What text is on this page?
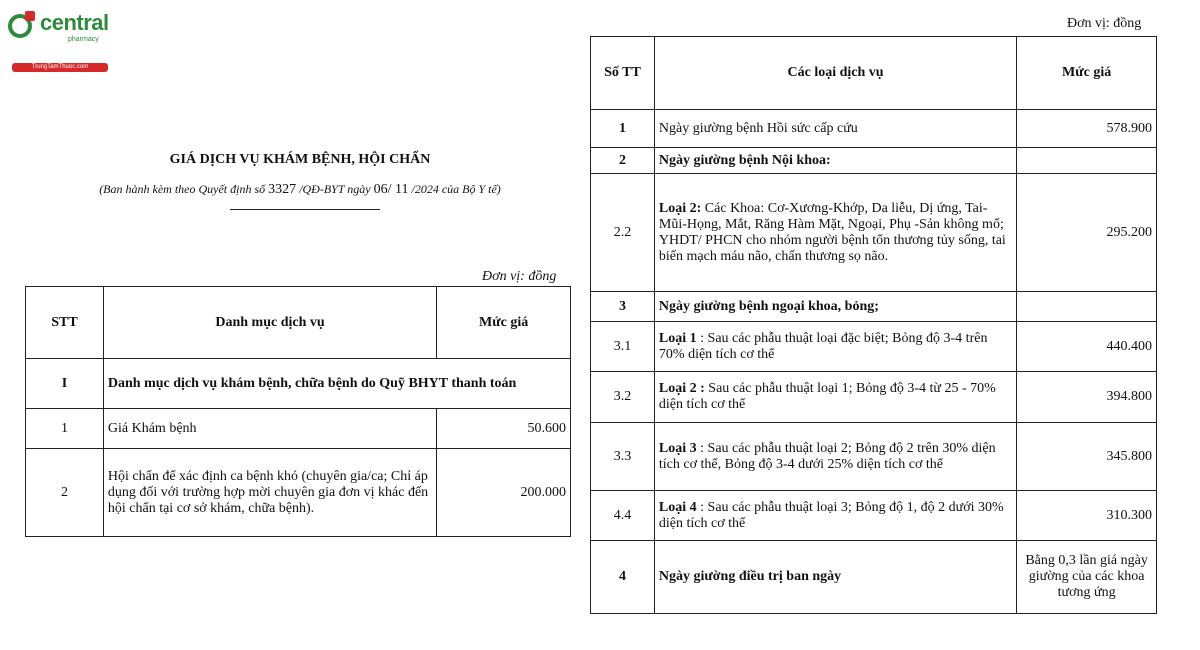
central
pharmacy
TrungTamThuoc.com
GIÁ DỊCH VỤ KHÁM BỆNH, HỘI CHẨN
(Ban hành kèm theo Quyết định số 3327 /QĐ-BYT ngày 06/ 11 /2024 của Bộ Y tế)
Đơn vị: đồng
Đơn vị: đồng
STT	Danh mục dịch vụ	Mức giá
I	Danh mục dịch vụ khám bệnh, chữa bệnh do Quỹ BHYT thanh toán	
1	Giá Khám bệnh	50.600
2	Hội chẩn để xác định ca bệnh khó (chuyên gia/ca; Chỉ áp dụng đối với trường hợp mời chuyên gia đơn vị khác đến hội chẩn tại cơ sở khám, chữa bệnh).	200.000
Số TT	Các loại dịch vụ	Mức giá
1	Ngày giường bệnh Hồi sức cấp cứu	578.900
2	Ngày giường bệnh Nội khoa:	
2.2	Loại 2: Các Khoa: Cơ-Xương-Khớp, Da liễu, Dị ứng, Tai-Mũi-Họng, Mắt, Răng Hàm Mặt, Ngoại, Phụ -Sản không mổ; YHDT/ PHCN cho nhóm người bệnh tổn thương tủy sống, tai biến mạch máu não, chấn thương sọ não.	295.200
3	Ngày giường bệnh ngoại khoa, bỏng;	
3.1	Loại 1 : Sau các phẫu thuật loại đặc biệt; Bỏng độ 3-4 trên 70% diện tích cơ thể	440.400
3.2	Loại 2 : Sau các phẫu thuật loại 1; Bỏng độ 3-4 từ 25 - 70% diện tích cơ thể	394.800
3.3	Loại 3 : Sau các phẫu thuật loại 2; Bỏng độ 2 trên 30% diện tích cơ thể, Bỏng độ 3-4 dưới 25% diện tích cơ thể	345.800
4.4	Loại 4 : Sau các phẫu thuật loại 3; Bỏng độ 1, độ 2 dưới 30% diện tích cơ thể	310.300
4	Ngày giường điều trị ban ngày	Bằng 0,3 lần giá ngày giường của các khoa tương ứng
